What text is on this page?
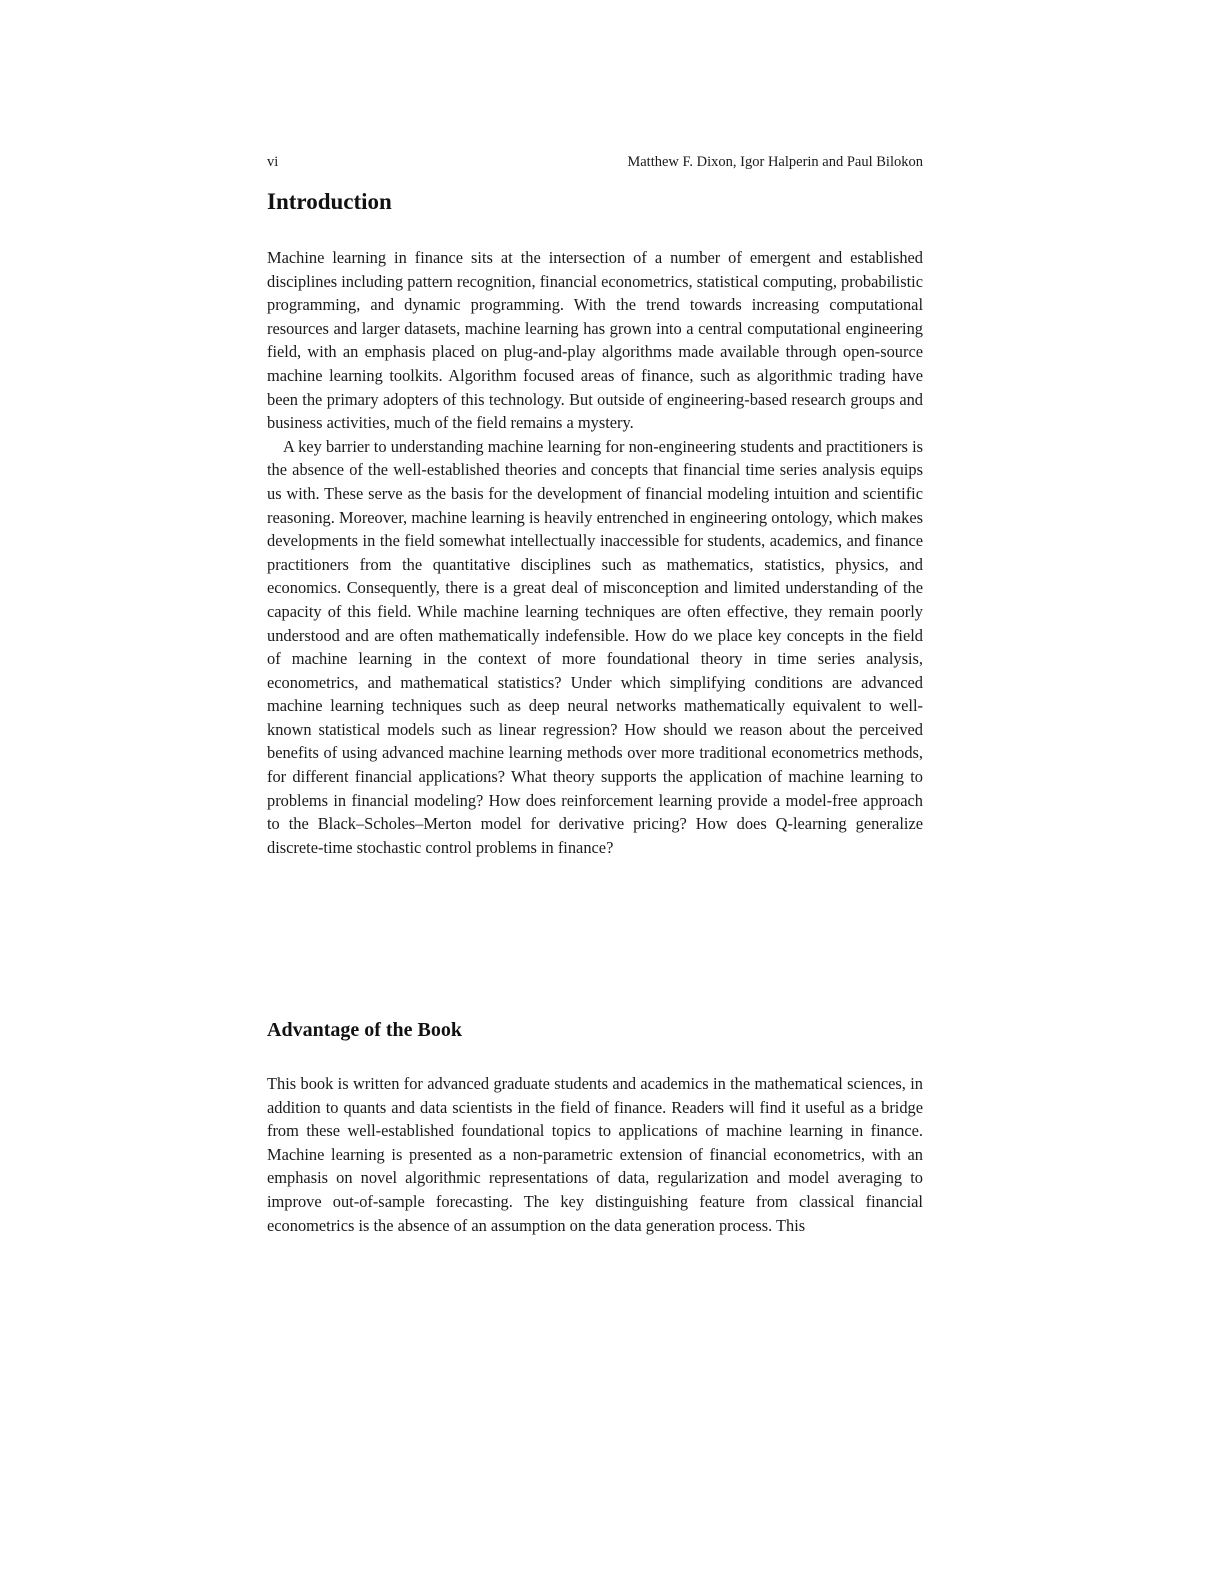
vi	Matthew F. Dixon, Igor Halperin and Paul Bilokon
Introduction

Machine learning in finance sits at the intersection of a number of emergent and established disciplines including pattern recognition, financial econometrics, statistical computing, probabilistic programming, and dynamic programming. With the trend towards increasing computational resources and larger datasets, machine learning has grown into a central computational engineering field, with an emphasis placed on plug-and-play algorithms made available through open-source machine learning toolkits. Algorithm focused areas of finance, such as algorithmic trading have been the primary adopters of this technology. But outside of engineering-based research groups and business activities, much of the field remains a mystery.

A key barrier to understanding machine learning for non-engineering students and practitioners is the absence of the well-established theories and concepts that financial time series analysis equips us with. These serve as the basis for the development of financial modeling intuition and scientific reasoning. Moreover, machine learning is heavily entrenched in engineering ontology, which makes developments in the field somewhat intellectually inaccessible for students, academics, and finance practitioners from the quantitative disciplines such as mathematics, statistics, physics, and economics. Consequently, there is a great deal of misconception and limited understanding of the capacity of this field. While machine learning techniques are often effective, they remain poorly understood and are often mathematically indefensible. How do we place key concepts in the field of machine learning in the context of more foundational theory in time series analysis, econometrics, and mathematical statistics? Under which simplifying conditions are advanced machine learning techniques such as deep neural networks mathematically equivalent to well-known statistical models such as linear regression? How should we reason about the perceived benefits of using advanced machine learning methods over more traditional econometrics methods, for different financial applications? What theory supports the application of machine learning to problems in financial modeling? How does reinforcement learning provide a model-free approach to the Black–Scholes–Merton model for derivative pricing? How does Q-learning generalize discrete-time stochastic control problems in finance?

Advantage of the Book

This book is written for advanced graduate students and academics in the mathematical sciences, in addition to quants and data scientists in the field of finance. Readers will find it useful as a bridge from these well-established foundational topics to applications of machine learning in finance. Machine learning is presented as a non-parametric extension of financial econometrics, with an emphasis on novel algorithmic representations of data, regularization and model averaging to improve out-of-sample forecasting. The key distinguishing feature from classical financial econometrics is the absence of an assumption on the data generation process. This
